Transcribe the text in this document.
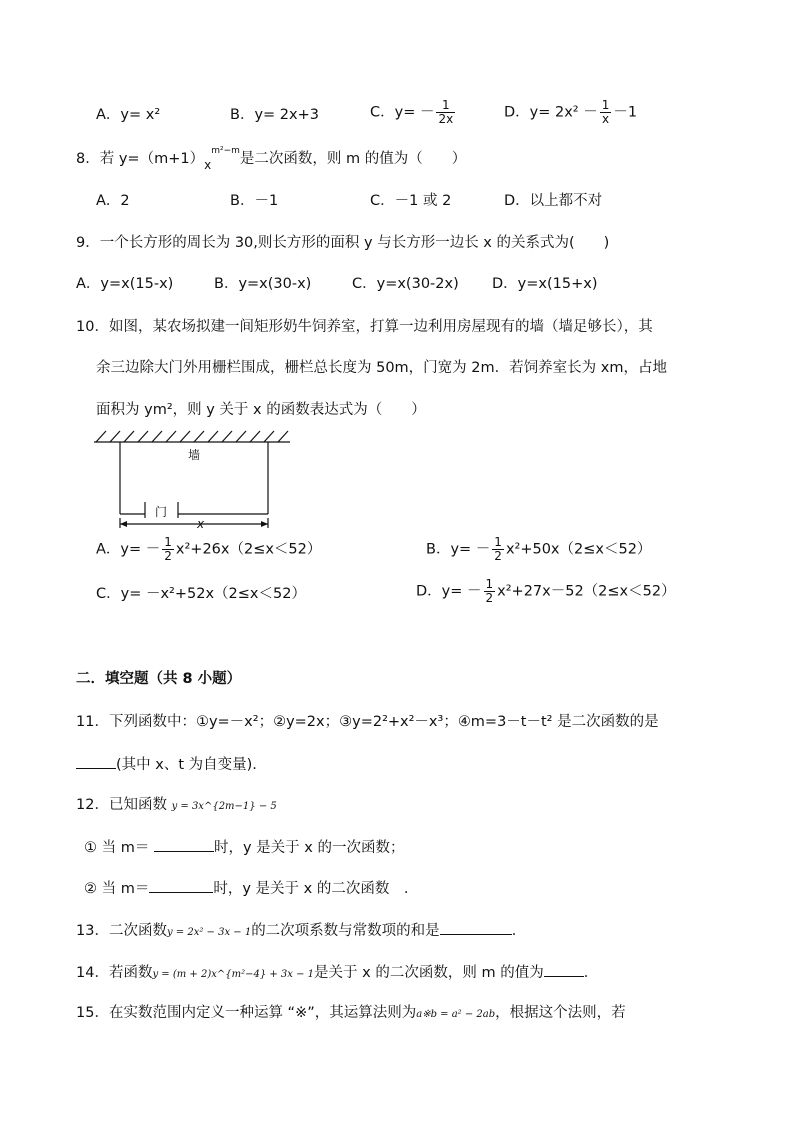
A．y= x²	B．y= 2x+3	C．$y= - \frac{1}{2x}$	D．$y= 2x^2 - \frac{1}{x} -1$
8．若 $y=(m+1)_x^{m^2-m}$是二次函数，则 m 的值为（　　）
A．2	B．－1	C．－1 或 2	D．以上都不对
9．一个长方形的周长为 30,则长方形的面积 y 与长方形一边长 x 的关系式为(　　)
A．y=x(15-x)	B．y=x(30-x)	C．y=x(30-2x) D．y=x(15+x)
10．如图，某农场拟建一间矩形奶牛饲养室，打算一边利用房屋现有的墙（墙足够长），其
余三边除大门外用栅栏围成，栅栏总长度为 50m，门宽为 2m．若饲养室长为 xm，占地
面积为 ym²，则 y 关于 x 的函数表达式为（　　）
墙
门
x
A．$y= - \frac{1}{2} x^2+26x(2\le x<52)$	B．$y= - \frac{1}{2} x^2+50x(2\le x<52)$
C．y= －x²+52x（2≤x＜52）	D．$y= - \frac{1}{2} x^2+27x-52(2\le x<52)$
二．填空题（共 8 小题）
11．下列函数中：①y=－x²；②y=2x；③y=2²+x²－x³；④m=3－t－t² 是二次函数的是
(其中 x、t 为自变量).
12．已知函数 y = 3x^{2m−1} − 5
① 当 m＝	时，y 是关于 x 的一次函数；
② 当 m＝	时，y 是关于 x 的二次函数　.
13．二次函数y = 2x² − 3x − 1的二次项系数与常数项的和是	．
14．若函数y = (m + 2)x^{m²−4} + 3x − 1是关于 x 的二次函数，则 m 的值为	．
15．在实数范围内定义一种运算 “※”，其运算法则为a※b = a² − 2ab，根据这个法则，若
